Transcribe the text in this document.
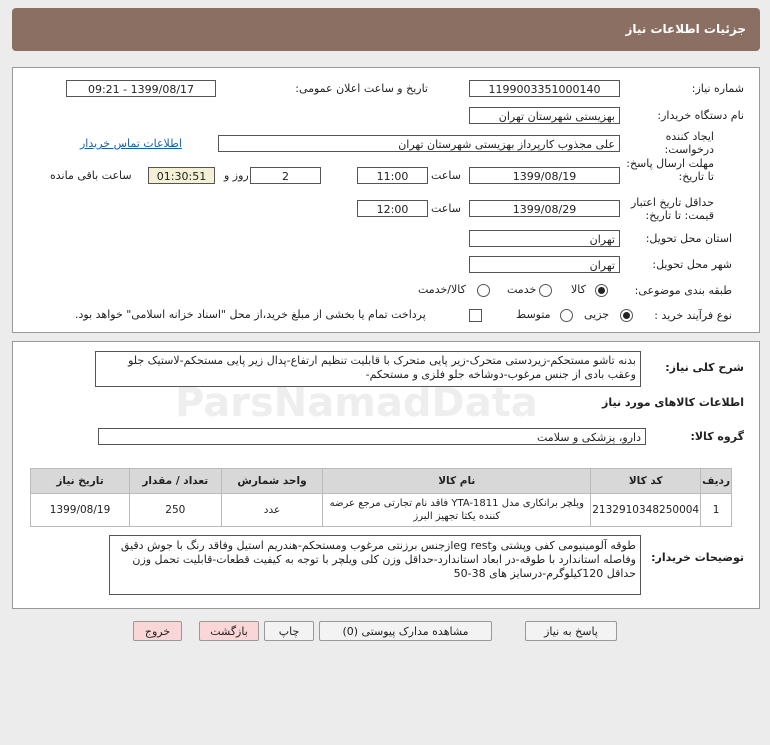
جزئیات اطلاعات نیاز
شماره نیاز:
1199003351000140
تاریخ و ساعت اعلان عمومی:
1399/08/17 - 09:21
نام دستگاه خریدار:
بهزیستی شهرستان تهران
ایجاد کننده
درخواست:
علی مجذوب کارپرداز بهزیستی شهرستان تهران
اطلاعات تماس خریدار
مهلت ارسال پاسخ:
تا تاریخ:
1399/08/19
ساعت
11:00
2
روز و
01:30:51
ساعت باقی مانده
حداقل تاریخ اعتبار
قیمت: تا تاریخ:
1399/08/29
ساعت
12:00
استان محل تحویل:
تهران
شهر محل تحویل:
تهران
طبقه بندی موضوعی:
کالا
خدمت
کالا/خدمت
نوع فرآیند خرید :
جزیی
متوسط
پرداخت تمام یا بخشی از مبلغ خرید،از محل "اسناد خزانه اسلامی" خواهد بود.
شرح کلی نیاز:
بدنه تاشو مستحکم-زیردستی متحرک-زیر پایی متحرک با قابلیت تنظیم ارتفاع-پدال زیر پایی مستحکم-لاستیک جلو وعقب بادی از جنس مرغوب-دوشاخه جلو فلزی و مستحکم-
اطلاعات کالاهای مورد نیاز
گروه کالا:
دارو، پزشکی و سلامت
ردیف	کد کالا	نام کالا	واحد شمارش	تعداد / مقدار	تاریخ نیاز
1	2132910348250004	ویلچر برانکاری مدل YTA-1811 فاقد نام تجارتی مرجع عرضه کننده یکتا تجهیز البرز	عدد	250	1399/08/19
توضیحات خریدار:
طوقه آلومینیومی کفی وپشتی وleg restزجنس برزنتی مرغوب ومستحکم-هندریم استیل وفاقد رنگ با جوش دقیق وفاصله استاندارد با طوقه-در ابعاد استاندارد-حداقل وزن کلی ویلچر با توجه به کیفیت قطعات-قابلیت تحمل وزن حداقل 120کیلوگرم-درسایز های 38-50
ParsNamadData
پاسخ به نیاز
مشاهده مدارک پیوستی (0)
چاپ
بازگشت
خروج
